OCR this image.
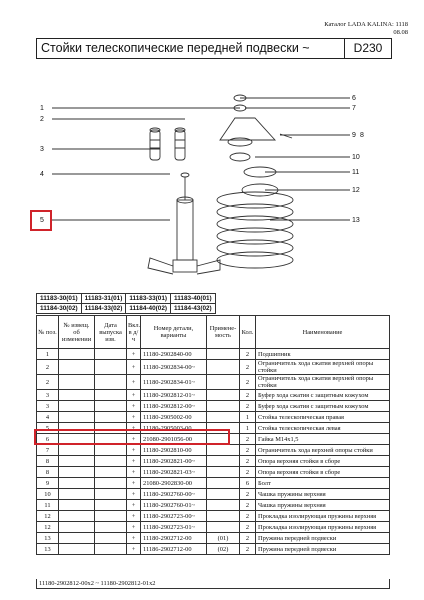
Каталог LADA KALINA: 1118
08.08
Стойки телескопические передней подвески ~	D230
1
2
3
4
5
6
7
9 8
10
11
12
13
11183-30(01)	11183-31(01)	11183-33(01)	11183-40(01)
11184-30(02)	11184-33(02)	11184-40(02)	11184-43(02)
№ поз.	№ извещ. об изменении	Дата выпуска изв.	Вкл. в д/ч	Номер детали, варианты	Примене-мость	Кол.	Наименование
1			+	11180-2902840-00		2	Подшипник
2			+	11180-2902834-00~		2	Ограничитель хода сжатия верхней опоры стойки
2			+	11180-2902834-01~		2	Ограничитель хода сжатия верхней опоры стойки
3			+	11180-2902812-01~		2	Буфер хода сжатия с защитным кожухом
3			+	11180-2902812-00~		2	Буфер хода сжатия с защитным кожухом
4			+	11180-2905002-00		1	Стойка телескопическая правая
5			+	11180-2905003-00		1	Стойка телескопическая левая
6			+	21080-2901056-00		2	Гайка М14х1,5
7			+	11180-2902810-00		2	Ограничитель хода верхней опоры стойки
8			+	11180-2902821-00~		2	Опора верхняя стойки в сборе
8			+	11180-2902821-03~		2	Опора верхняя стойки в сборе
9			+	21080-2902830-00		6	Болт
10			+	11180-2902760-00~		2	Чашка пружины верхняя
11			+	11180-2902760-01~		2	Чашка пружины верхняя
12			+	11180-2902723-00~		2	Прокладка изолирующая пружины верхняя
12			+	11180-2902723-01~		2	Прокладка изолирующая пружины верхняя
13			+	11180-2902712-00	(01)	2	Пружина передней подвески
13			+	11186-2902712-00	(02)	2	Пружина передней подвески
11180-2902812-00x2 ~ 11180-2902812-01x2
